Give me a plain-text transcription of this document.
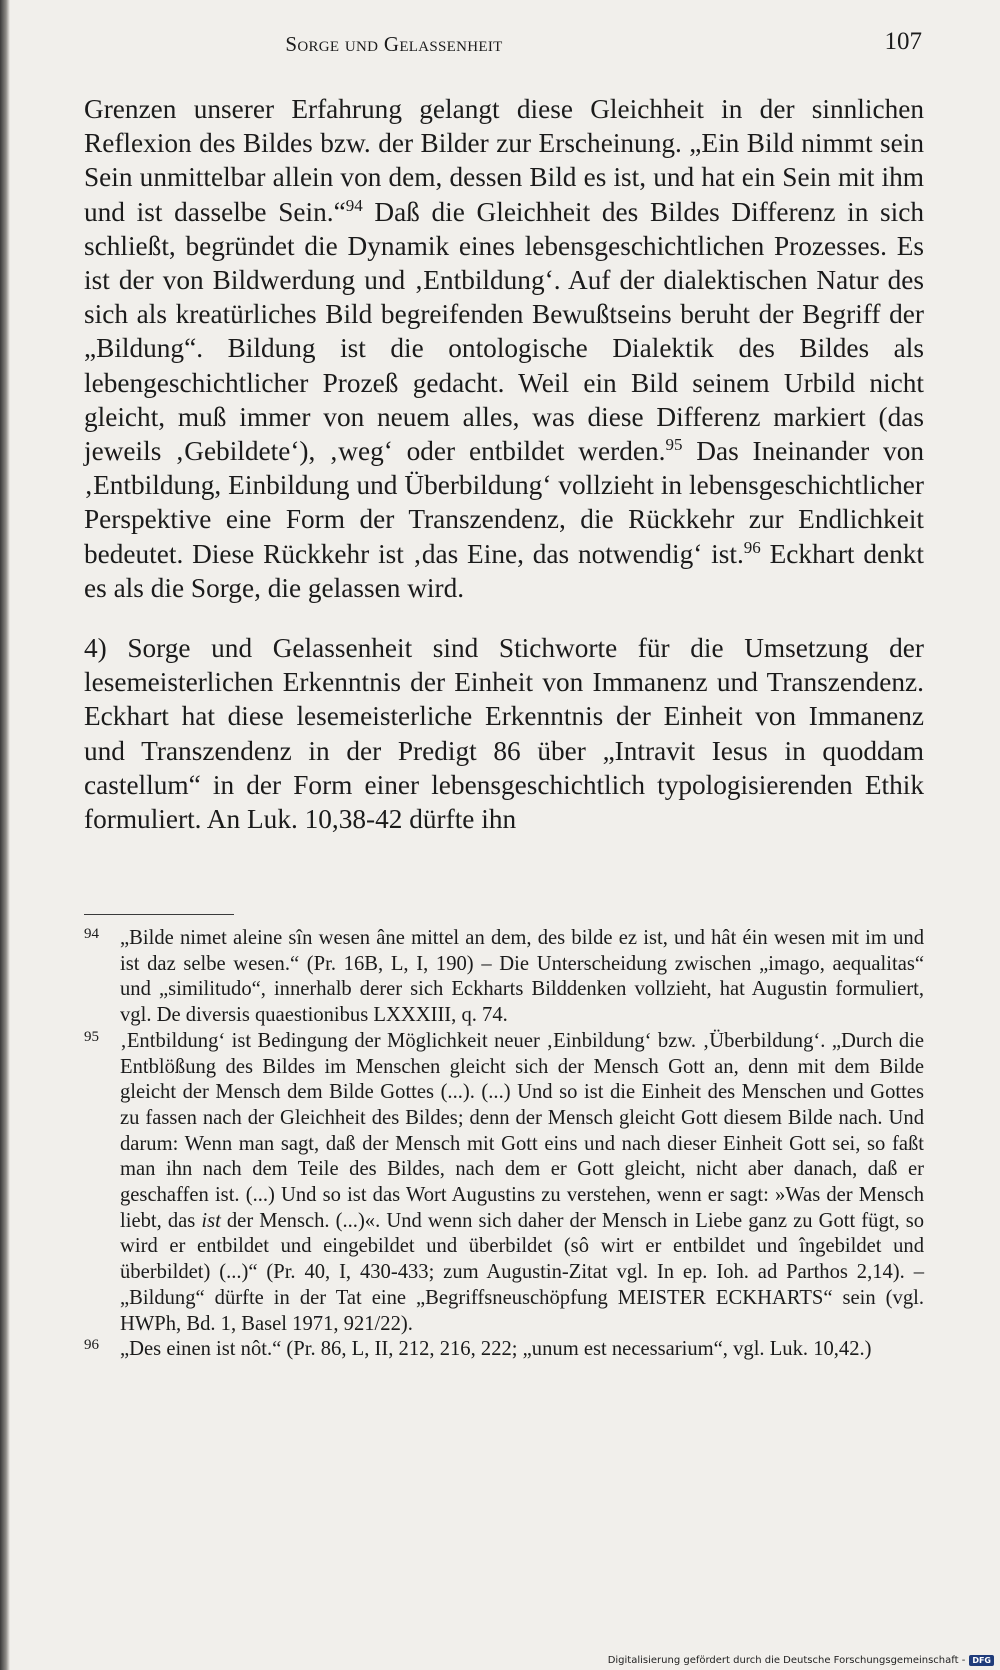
Sorge und Gelassenheit	107

Grenzen unserer Erfahrung gelangt diese Gleichheit in der sinnlichen Reflexion des Bildes bzw. der Bilder zur Erscheinung. „Ein Bild nimmt sein Sein unmittelbar allein von dem, dessen Bild es ist, und hat ein Sein mit ihm und ist dasselbe Sein.“$^{94}$ Daß die Gleichheit des Bildes Differenz in sich schließt, begründet die Dynamik eines lebensgeschichtlichen Prozesses. Es ist der von Bildwerdung und ‚Entbildung‘. Auf der dialektischen Natur des sich als kreatürliches Bild begreifenden Bewußtseins beruht der Begriff der „Bildung“. Bildung ist die ontologische Dialektik des Bildes als lebengeschichtlicher Prozeß gedacht. Weil ein Bild seinem Urbild nicht gleicht, muß immer von neuem alles, was diese Differenz markiert (das jeweils ‚Gebildete‘), ‚weg‘ oder entbildet werden.$^{95}$ Das Ineinander von ‚Entbildung, Einbildung und Überbildung‘ vollzieht in lebensgeschichtlicher Perspektive eine Form der Transzendenz, die Rückkehr zur Endlichkeit bedeutet. Diese Rückkehr ist ‚das Eine, das notwendig‘ ist.$^{96}$ Eckhart denkt es als die Sorge, die gelassen wird.

4) Sorge und Gelassenheit sind Stichworte für die Umsetzung der lesemeisterlichen Erkenntnis der Einheit von Immanenz und Transzendenz. Eckhart hat diese lesemeisterliche Erkenntnis der Einheit von Immanenz und Transzendenz in der Predigt 86 über „Intravit Iesus in quoddam castellum“ in der Form einer lebensgeschichtlich typologisierenden Ethik formuliert. An Luk. 10,38-42 dürfte ihn

94 „Bilde nimet aleine sîn wesen âne mittel an dem, des bilde ez ist, und hât éin wesen mit im und ist daz selbe wesen.“ (Pr. 16B, L, I, 190) – Die Unterscheidung zwischen „imago, aequalitas“ und „similitudo“, innerhalb derer sich Eckharts Bilddenken vollzieht, hat Augustin formuliert, vgl. De diversis quaestionibus LXXXIII, q. 74.
95 ‚Entbildung‘ ist Bedingung der Möglichkeit neuer ‚Einbildung‘ bzw. ‚Überbildung‘. „Durch die Entblößung des Bildes im Menschen gleicht sich der Mensch Gott an, denn mit dem Bilde gleicht der Mensch dem Bilde Gottes (...). (...) Und so ist die Einheit des Menschen und Gottes zu fassen nach der Gleichheit des Bildes; denn der Mensch gleicht Gott diesem Bilde nach. Und darum: Wenn man sagt, daß der Mensch mit Gott eins und nach dieser Einheit Gott sei, so faßt man ihn nach dem Teile des Bildes, nach dem er Gott gleicht, nicht aber danach, daß er geschaffen ist. (...) Und so ist das Wort Augustins zu verstehen, wenn er sagt: »Was der Mensch liebt, das ist der Mensch. (...)«. Und wenn sich daher der Mensch in Liebe ganz zu Gott fügt, so wird er entbildet und eingebildet und überbildet (sô wirt er entbildet und îngebildet und überbildet) (...)“ (Pr. 40, I, 430-433; zum Augustin-Zitat vgl. In ep. Ioh. ad Parthos 2,14). – „Bildung“ dürfte in der Tat eine „Begriffsneuschöpfung MEISTER ECKHARTS“ sein (vgl. HWPh, Bd. 1, Basel 1971, 921/22).
96 „Des einen ist nôt.“ (Pr. 86, L, II, 212, 216, 222; „unum est necessarium“, vgl. Luk. 10,42.)
Digitalisierung gefördert durch die Deutsche Forschungsgemeinschaft - DFG
